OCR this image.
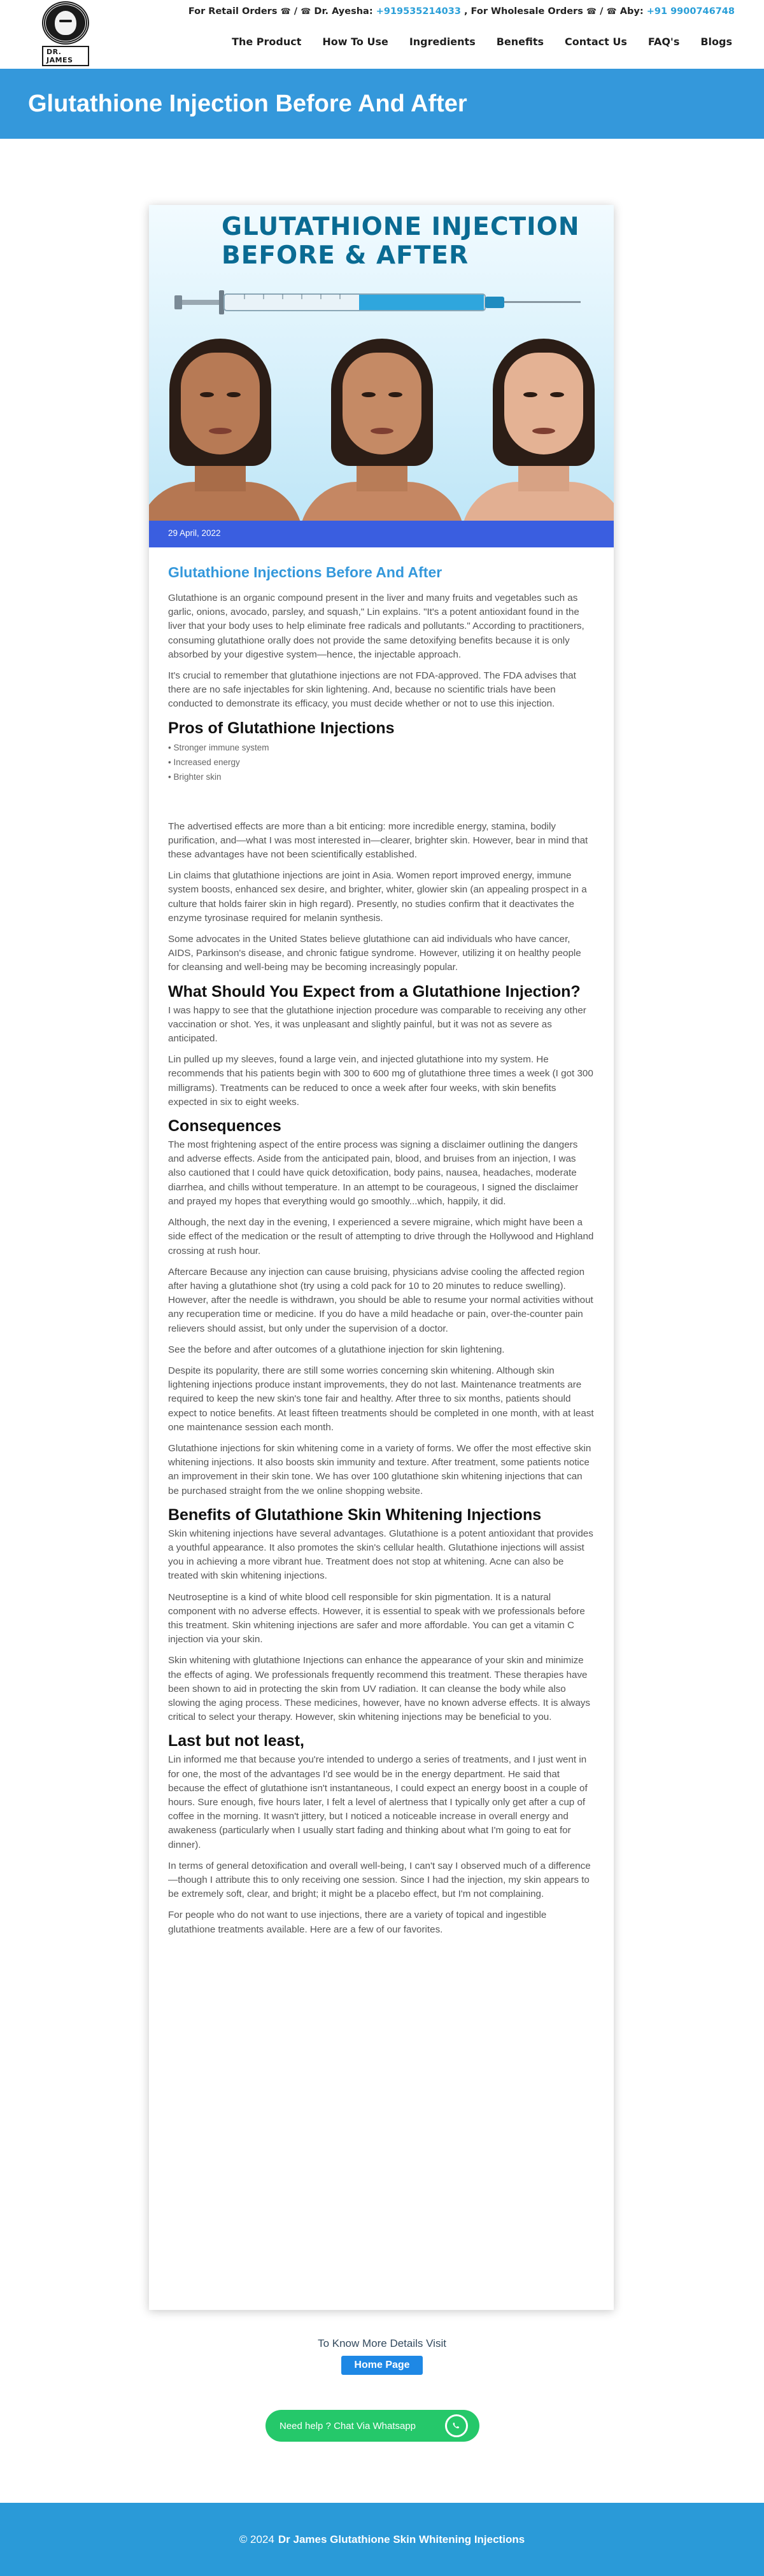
DR. JAMES
For Retail Orders ☎ / ☎ Dr. Ayesha: +919535214033 , For Wholesale Orders ☎ / ☎ Aby: +91 9900746748
The Product How To Use Ingredients Benefits Contact Us FAQ's Blogs
Glutathione Injection Before And After
GLUTATHIONE INJECTION
BEFORE & AFTER
29 April, 2022
Glutathione Injections Before And After

Glutathione is an organic compound present in the liver and many fruits and vegetables such as garlic, onions, avocado, parsley, and squash," Lin explains. "It's a potent antioxidant found in the liver that your body uses to help eliminate free radicals and pollutants." According to practitioners, consuming glutathione orally does not provide the same detoxifying benefits because it is only absorbed by your digestive system—hence, the injectable approach.

It's crucial to remember that glutathione injections are not FDA-approved. The FDA advises that there are no safe injectables for skin lightening. And, because no scientific trials have been conducted to demonstrate its efficacy, you must decide whether or not to use this injection.

Pros of Glutathione Injections
• Stronger immune system
• Increased energy
• Brighter skin

The advertised effects are more than a bit enticing: more incredible energy, stamina, bodily purification, and—what I was most interested in—clearer, brighter skin. However, bear in mind that these advantages have not been scientifically established.

Lin claims that glutathione injections are joint in Asia. Women report improved energy, immune system boosts, enhanced sex desire, and brighter, whiter, glowier skin (an appealing prospect in a culture that holds fairer skin in high regard). Presently, no studies confirm that it deactivates the enzyme tyrosinase required for melanin synthesis.

Some advocates in the United States believe glutathione can aid individuals who have cancer, AIDS, Parkinson's disease, and chronic fatigue syndrome. However, utilizing it on healthy people for cleansing and well-being may be becoming increasingly popular.

What Should You Expect from a Glutathione Injection?

I was happy to see that the glutathione injection procedure was comparable to receiving any other vaccination or shot. Yes, it was unpleasant and slightly painful, but it was not as severe as anticipated.

Lin pulled up my sleeves, found a large vein, and injected glutathione into my system. He recommends that his patients begin with 300 to 600 mg of glutathione three times a week (I got 300 milligrams). Treatments can be reduced to once a week after four weeks, with skin benefits expected in six to eight weeks.

Consequences

The most frightening aspect of the entire process was signing a disclaimer outlining the dangers and adverse effects. Aside from the anticipated pain, blood, and bruises from an injection, I was also cautioned that I could have quick detoxification, body pains, nausea, headaches, moderate diarrhea, and chills without temperature. In an attempt to be courageous, I signed the disclaimer and prayed my hopes that everything would go smoothly...which, happily, it did.

Although, the next day in the evening, I experienced a severe migraine, which might have been a side effect of the medication or the result of attempting to drive through the Hollywood and Highland crossing at rush hour.

Aftercare Because any injection can cause bruising, physicians advise cooling the affected region after having a glutathione shot (try using a cold pack for 10 to 20 minutes to reduce swelling). However, after the needle is withdrawn, you should be able to resume your normal activities without any recuperation time or medicine. If you do have a mild headache or pain, over-the-counter pain relievers should assist, but only under the supervision of a doctor.

See the before and after outcomes of a glutathione injection for skin lightening.

Despite its popularity, there are still some worries concerning skin whitening. Although skin lightening injections produce instant improvements, they do not last. Maintenance treatments are required to keep the new skin's tone fair and healthy. After three to six months, patients should expect to notice benefits. At least fifteen treatments should be completed in one month, with at least one maintenance session each month.

Glutathione injections for skin whitening come in a variety of forms. We offer the most effective skin whitening injections. It also boosts skin immunity and texture. After treatment, some patients notice an improvement in their skin tone. We has over 100 glutathione skin whitening injections that can be purchased straight from the we online shopping website.

Benefits of Glutathione Skin Whitening Injections

Skin whitening injections have several advantages. Glutathione is a potent antioxidant that provides a youthful appearance. It also promotes the skin's cellular health. Glutathione injections will assist you in achieving a more vibrant hue. Treatment does not stop at whitening. Acne can also be treated with skin whitening injections.

Neutroseptine is a kind of white blood cell responsible for skin pigmentation. It is a natural component with no adverse effects. However, it is essential to speak with we professionals before this treatment. Skin whitening injections are safer and more affordable. You can get a vitamin C injection via your skin.

Skin whitening with glutathione Injections can enhance the appearance of your skin and minimize the effects of aging. We professionals frequently recommend this treatment. These therapies have been shown to aid in protecting the skin from UV radiation. It can cleanse the body while also slowing the aging process. These medicines, however, have no known adverse effects. It is always critical to select your therapy. However, skin whitening injections may be beneficial to you.

Last but not least,

Lin informed me that because you're intended to undergo a series of treatments, and I just went in for one, the most of the advantages I'd see would be in the energy department. He said that because the effect of glutathione isn't instantaneous, I could expect an energy boost in a couple of hours. Sure enough, five hours later, I felt a level of alertness that I typically only get after a cup of coffee in the morning. It wasn't jittery, but I noticed a noticeable increase in overall energy and awakeness (particularly when I usually start fading and thinking about what I'm going to eat for dinner).

In terms of general detoxification and overall well-being, I can't say I observed much of a difference—though I attribute this to only receiving one session. Since I had the injection, my skin appears to be extremely soft, clear, and bright; it might be a placebo effect, but I'm not complaining.

For people who do not want to use injections, there are a variety of topical and ingestible glutathione treatments available. Here are a few of our favorites.

To Know More Details Visit
Home Page
Need help ? Chat Via Whatsapp
© 2024 Dr James Glutathione Skin Whitening Injections
